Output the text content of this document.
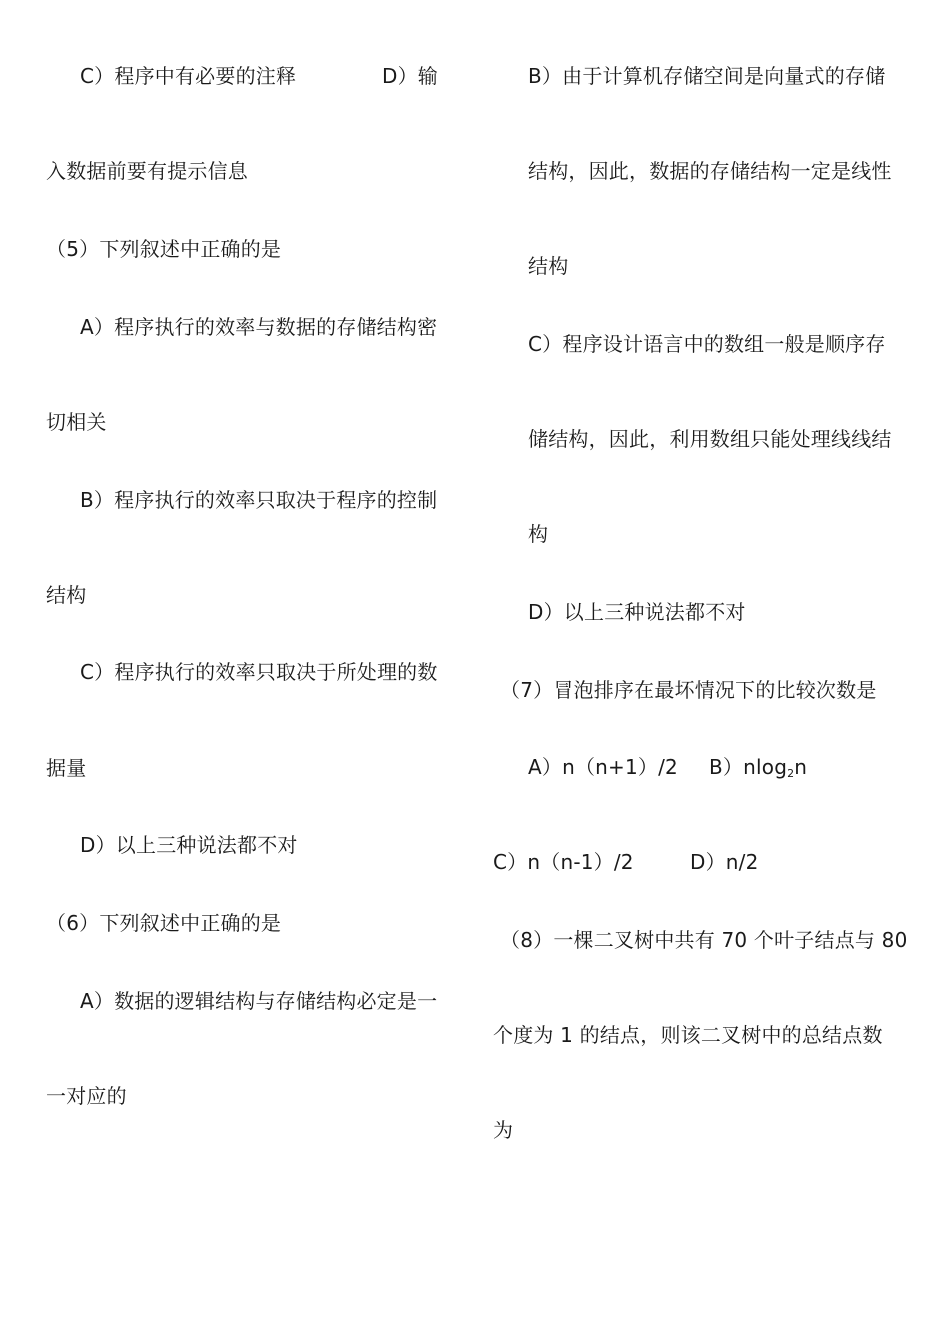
C）程序中有必要的注释	D）输
入数据前要有提示信息
（5）下列叙述中正确的是
A）程序执行的效率与数据的存储结构密
切相关
B）程序执行的效率只取决于程序的控制
结构
C）程序执行的效率只取决于所处理的数
据量
D）以上三种说法都不对
（6）下列叙述中正确的是
A）数据的逻辑结构与存储结构必定是一
一对应的
B）由于计算机存储空间是向量式的存储
结构，因此，数据的存储结构一定是线性
结构
C）程序设计语言中的数组一般是顺序存
储结构，因此，利用数组只能处理线线结
构
D）以上三种说法都不对
（7）冒泡排序在最坏情况下的比较次数是
A）n（n+1）/2 B）nlog$_2$n
C）n（n-1）/2	D）n/2
（8）一棵二叉树中共有 70 个叶子结点与 80
个度为 1 的结点，则该二叉树中的总结点数
为
